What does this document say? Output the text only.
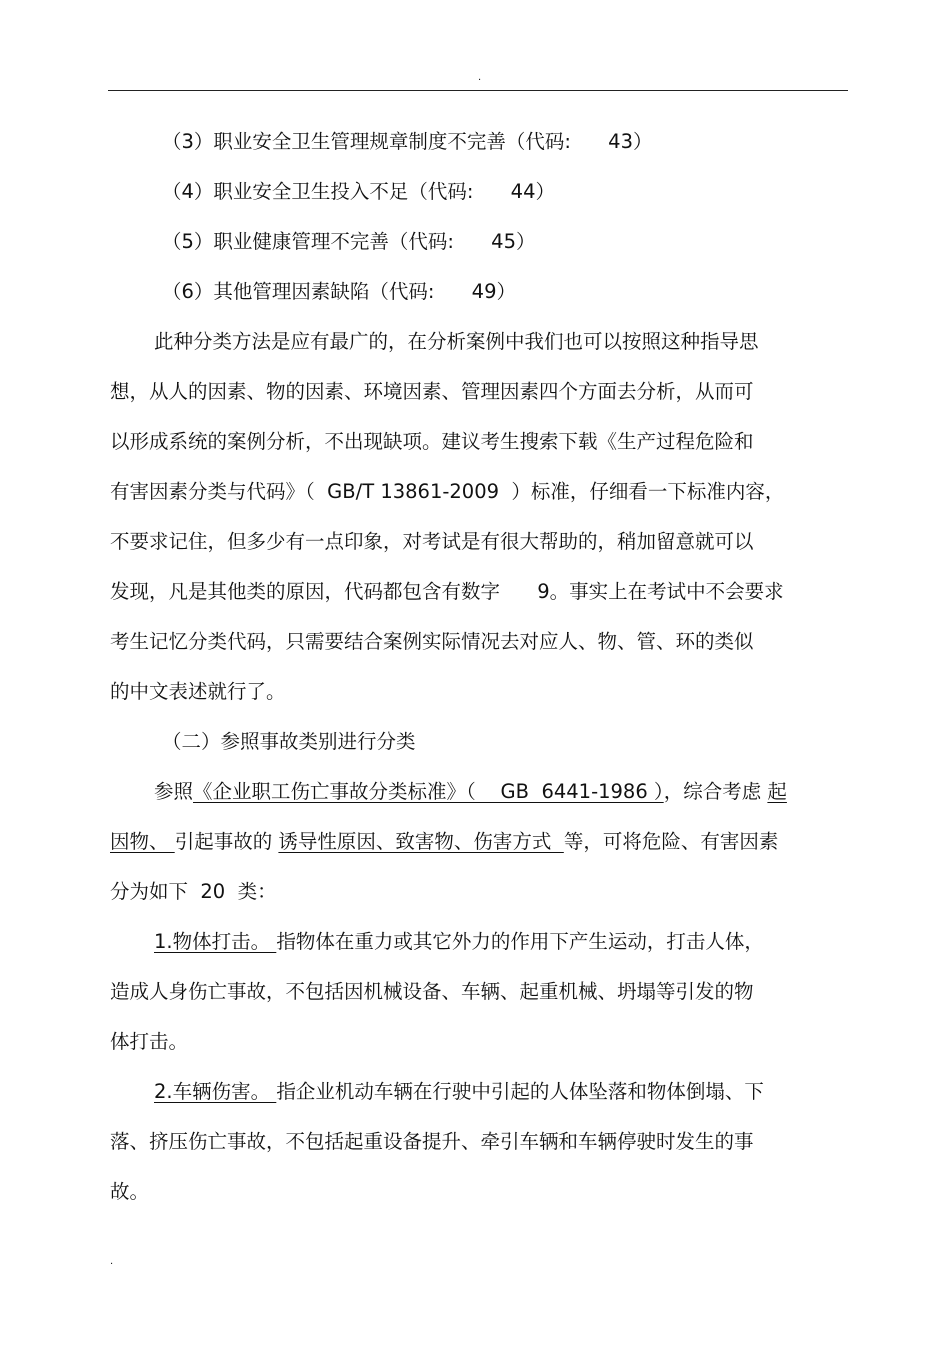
.
（3）职业安全卫生管理规章制度不完善（代码:      43）
（4）职业安全卫生投入不足（代码:      44）
（5）职业健康管理不完善（代码:      45）
（6）其他管理因素缺陷（代码:      49）
此种分类方法是应有最广的，在分析案例中我们也可以按照这种指导思
想，从人的因素、物的因素、环境因素、管理因素四个方面去分析，从而可
以形成系统的案例分析，不出现缺项。建议考生搜索下载《生产过程危险和
有害因素分类与代码》（  GB/T 13861-2009  ）标准，仔细看一下标准内容，
不要求记住，但多少有一点印象，对考试是有很大帮助的，稍加留意就可以
发现，凡是其他类的原因，代码都包含有数字      9。事实上在考试中不会要求
考生记忆分类代码，只需要结合案例实际情况去对应人、物、管、环的类似
的中文表述就行了。
（二）参照事故类别进行分类
参照《企业职工伤亡事故分类标准》（    GB  6441-1986 ），综合考虑 起
因物、 引起事故的 诱导性原因、致害物、伤害方式  等，可将危险、有害因素
分为如下  20  类：
1.物体打击。 指物体在重力或其它外力的作用下产生运动，打击人体，
造成人身伤亡事故，不包括因机械设备、车辆、起重机械、坍塌等引发的物
体打击。
2.车辆伤害。 指企业机动车辆在行驶中引起的人体坠落和物体倒塌、下
落、挤压伤亡事故，不包括起重设备提升、牵引车辆和车辆停驶时发生的事
故。
.
